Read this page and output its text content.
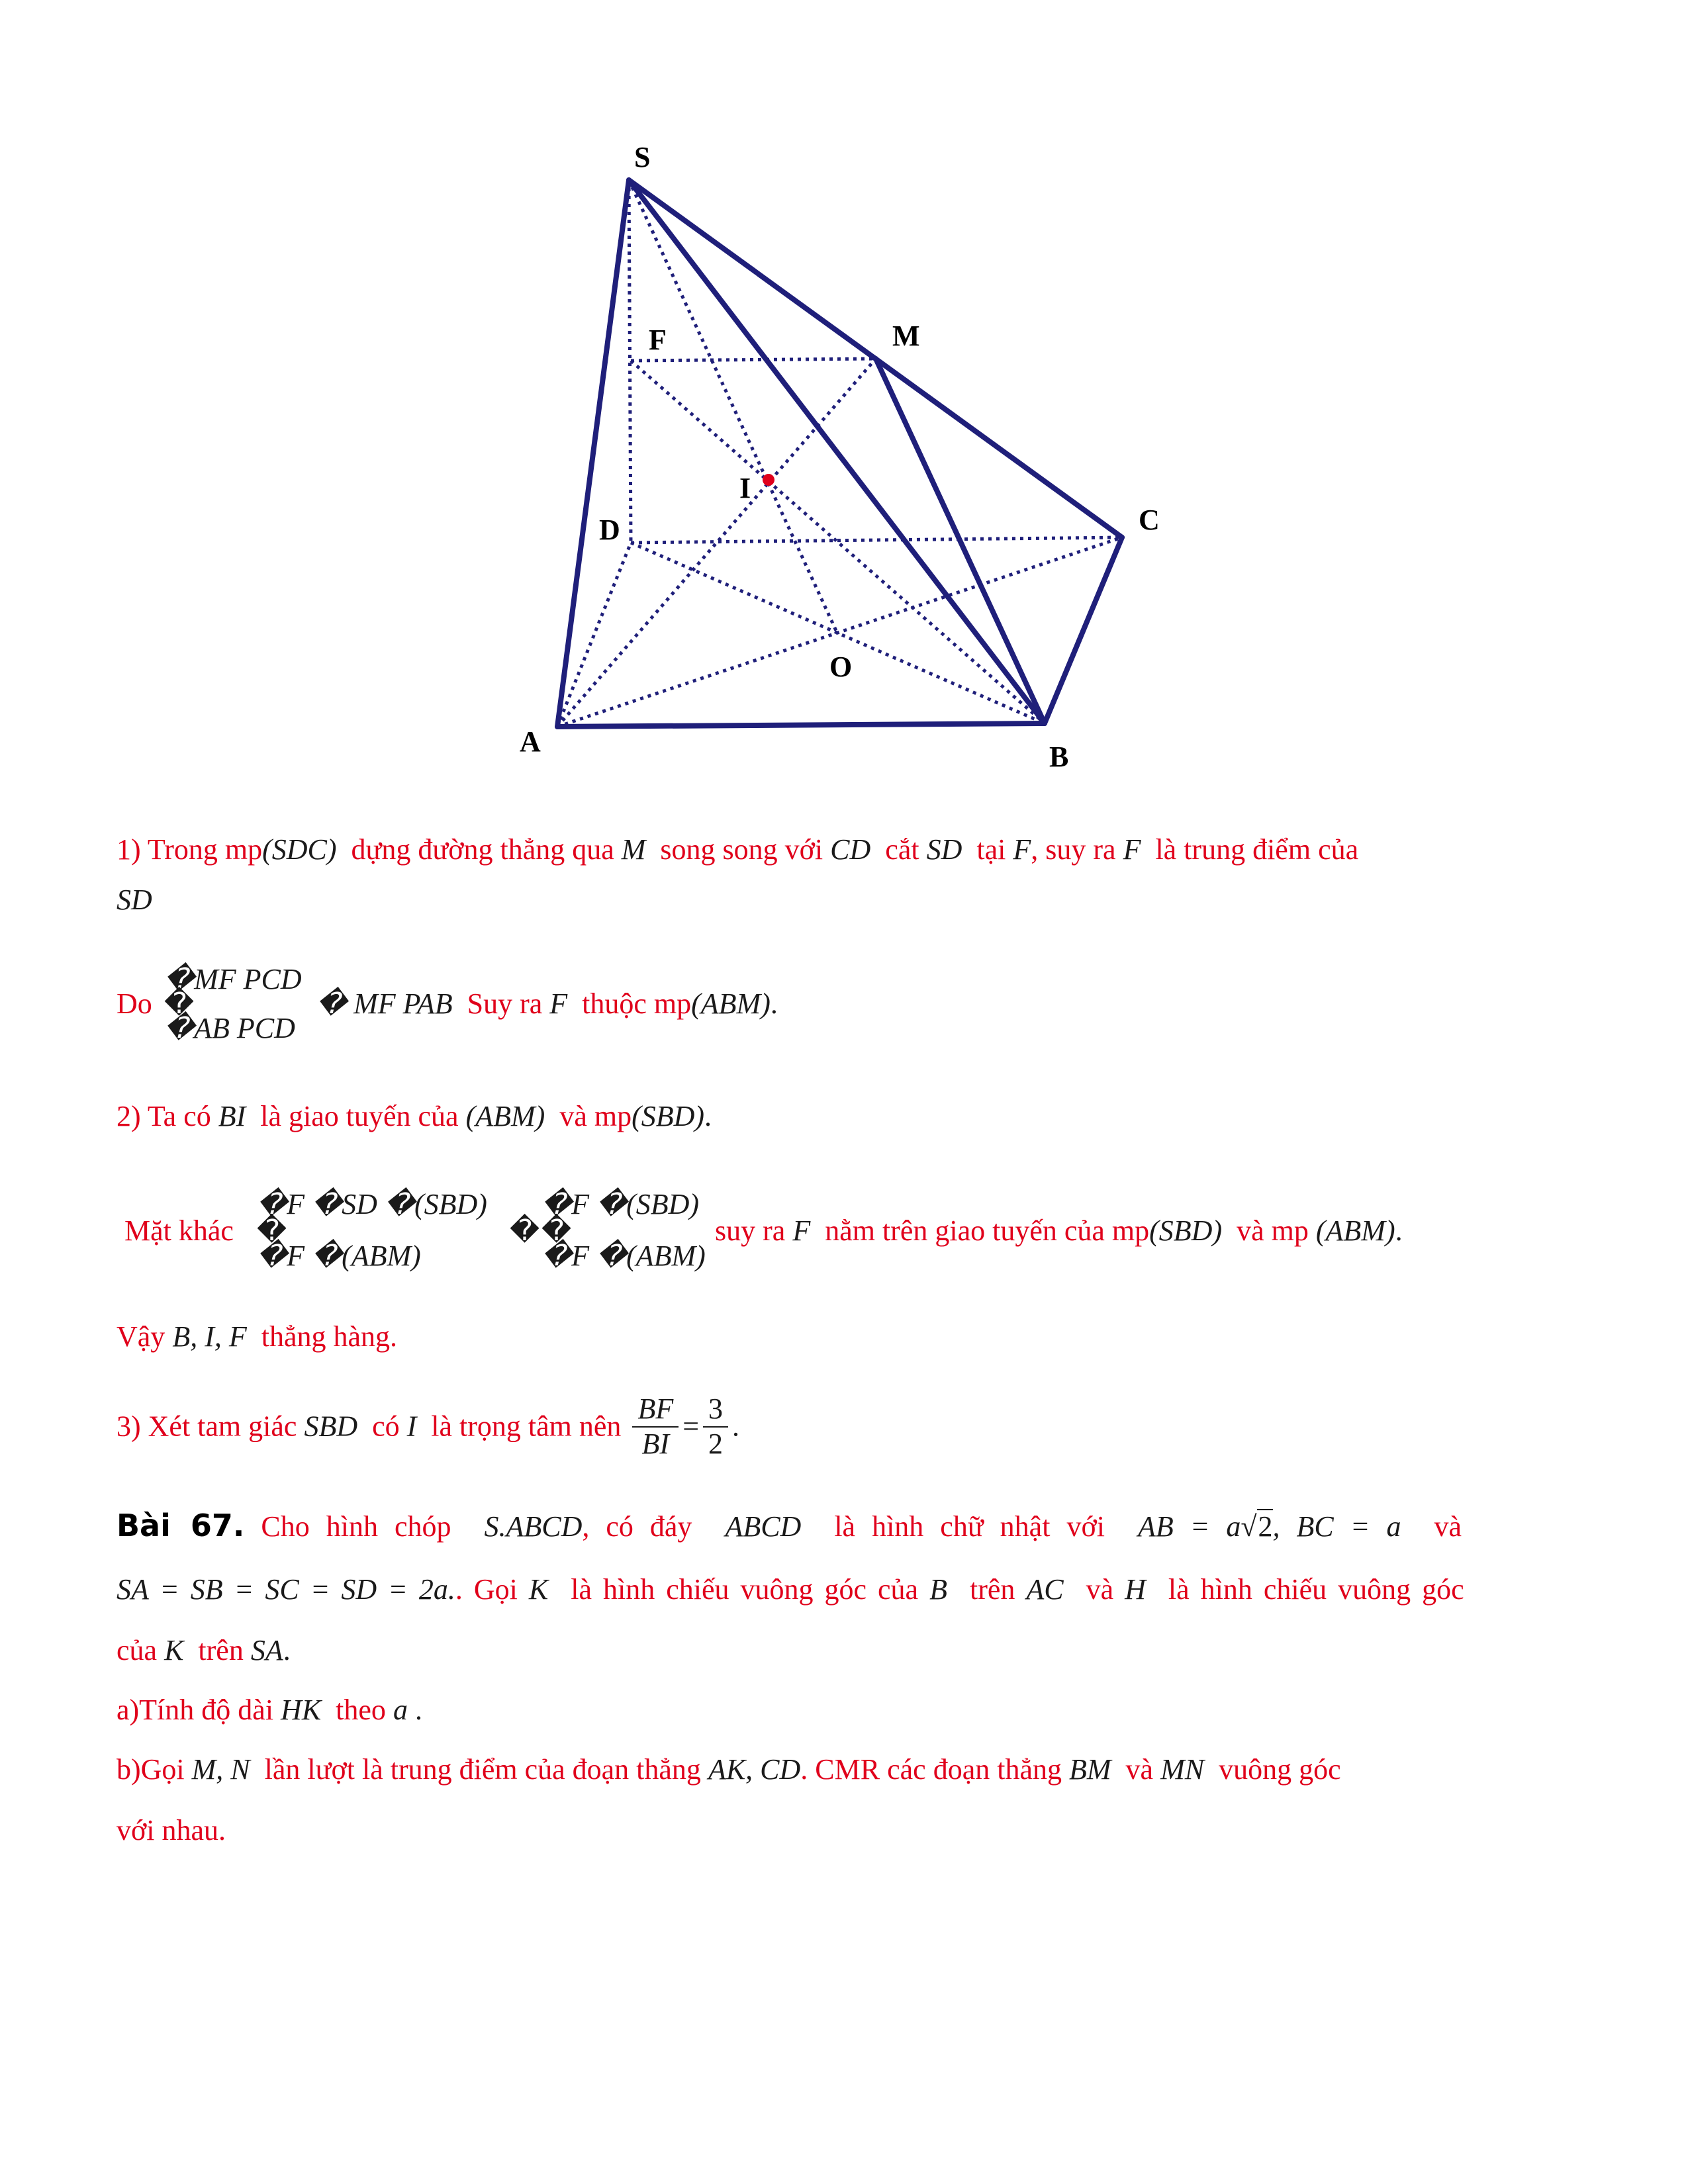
S
M
F
I
D	C
O
A	B
1) Trong mp(SDC) dựng đường thẳng qua M song song với CD cắt SD tại F, suy ra F là trung điểm của
SD
Do
�MF PCD
�
�AB PCD
� MF PAB Suy ra F thuộc mp(ABM).
2) Ta có BI là giao tuyến của (ABM) và mp(SBD).
Mặt khác
�F �SD �(SBD)
�
�F �(ABM)
�
�F �(SBD)
�
�F �(ABM)
suy ra F nằm trên giao tuyến của mp(SBD) và mp (ABM).
Vậy B, I, F thẳng hàng.
3) Xét tam giác SBD có I là trọng tâm nên $\frac{BF}{BI} = \frac{3}{2}$ .
Bài 67. Cho hình chóp S.ABCD, có đáy ABCD là hình chữ nhật với AB = a√2, BC = a và
SA = SB = SC = SD = 2a.. Gọi K là hình chiếu vuông góc của B trên AC và H là hình chiếu vuông góc
của K trên SA.
a)Tính độ dài HK theo a .
b)Gọi M, N lần lượt là trung điểm của đoạn thẳng AK, CD. CMR các đoạn thẳng BM và MN vuông góc
với nhau.
